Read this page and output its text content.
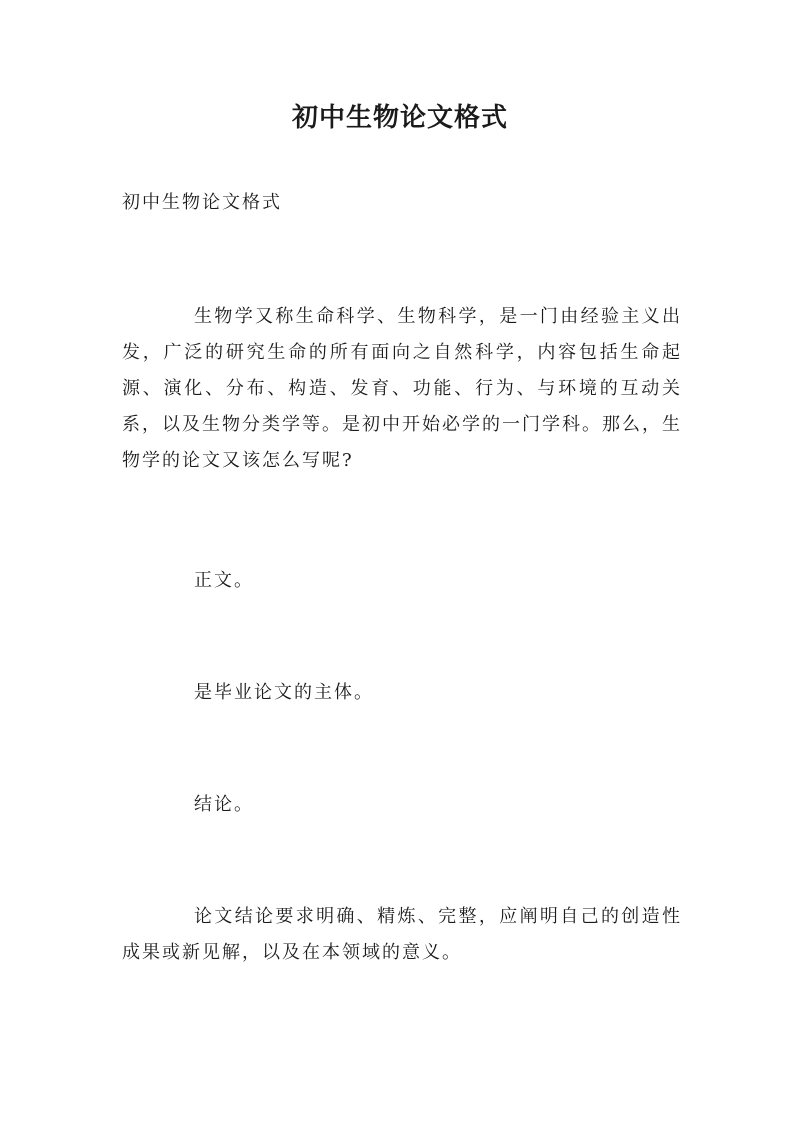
初中生物论文格式

初中生物论文格式

生物学又称生命科学、生物科学，是一门由经验主义出发，广泛的研究生命的所有面向之自然科学，内容包括生命起源、演化、分布、构造、发育、功能、行为、与环境的互动关系，以及生物分类学等。是初中开始必学的一门学科。那么，生物学的论文又该怎么写呢?

正文。

是毕业论文的主体。

结论。

论文结论要求明确、精炼、完整，应阐明自己的创造性成果或新见解，以及在本领域的意义。
